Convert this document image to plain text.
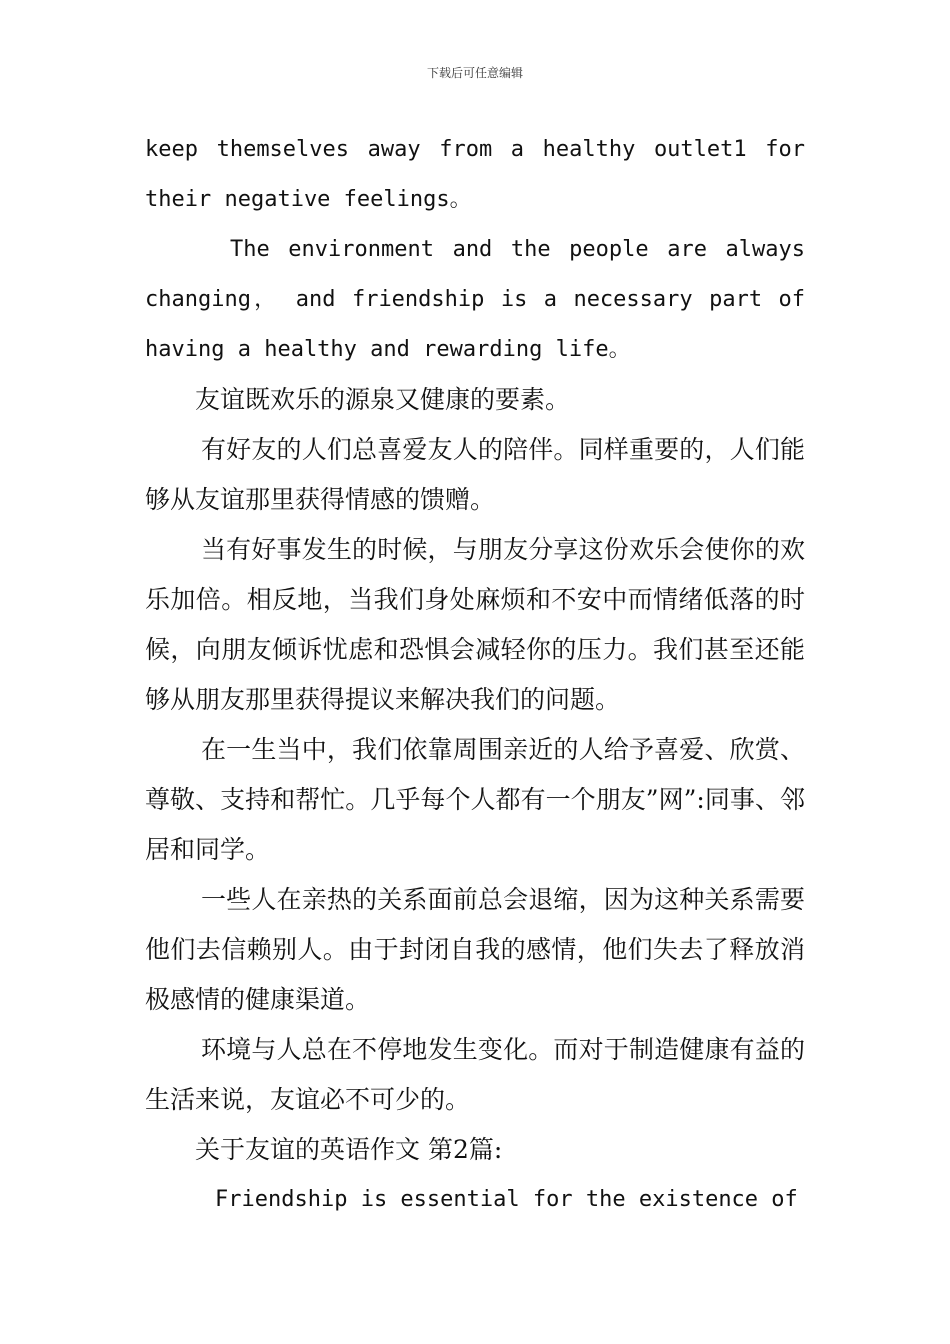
下载后可任意编辑

keep themselves away from a healthy outlet1 for their negative feelings。

The environment and the people are always changing， and friendship is a necessary part of having a healthy and rewarding life。

友谊既欢乐的源泉又健康的要素。

有好友的人们总喜爱友人的陪伴。同样重要的，人们能够从友谊那里获得情感的馈赠。

当有好事发生的时候，与朋友分享这份欢乐会使你的欢乐加倍。相反地，当我们身处麻烦和不安中而情绪低落的时候，向朋友倾诉忧虑和恐惧会减轻你的压力。我们甚至还能够从朋友那里获得提议来解决我们的问题。

在一生当中，我们依靠周围亲近的人给予喜爱、欣赏、尊敬、支持和帮忙。几乎每个人都有一个朋友”网”:同事、邻居和同学。

一些人在亲热的关系面前总会退缩，因为这种关系需要他们去信赖别人。由于封闭自我的感情，他们失去了释放消极感情的健康渠道。

环境与人总在不停地发生变化。而对于制造健康有益的生活来说，友谊必不可少的。

关于友谊的英语作文 第2篇:

Friendship is essential for the existence of
